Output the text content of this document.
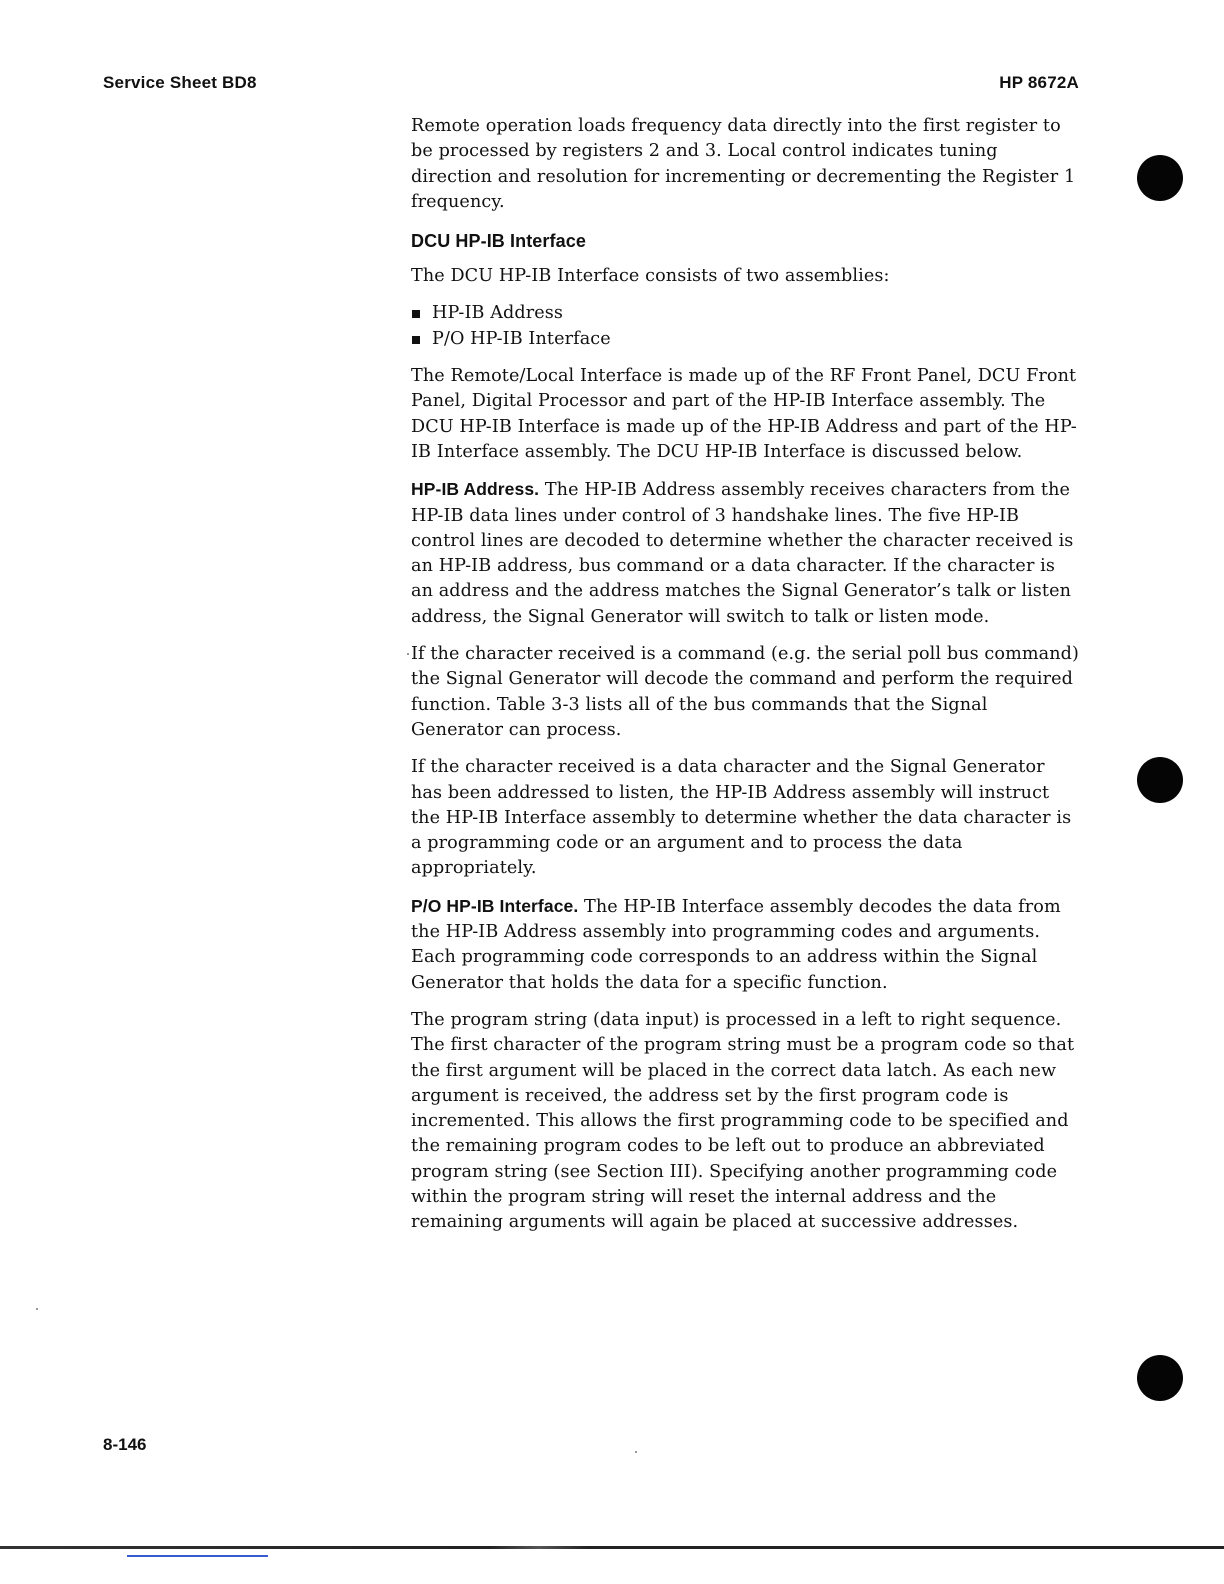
Service Sheet BD8	HP 8672A

Remote operation loads frequency data directly into the first register to be processed by registers 2 and 3. Local control indicates tuning direction and resolution for incrementing or decrementing the Register 1 frequency.

DCU HP-IB Interface

The DCU HP-IB Interface consists of two assemblies:

HP-IB Address
P/O HP-IB Interface

The Remote/Local Interface is made up of the RF Front Panel, DCU Front Panel, Digital Processor and part of the HP-IB Interface assembly. The DCU HP-IB Interface is made up of the HP-IB Address and part of the HP-IB Interface assembly. The DCU HP-IB Interface is discussed below.

HP-IB Address. The HP-IB Address assembly receives characters from the HP-IB data lines under control of 3 handshake lines. The five HP-IB control lines are decoded to determine whether the character received is an HP-IB address, bus command or a data character. If the character is an address and the address matches the Signal Generator’s talk or listen address, the Signal Generator will switch to talk or listen mode.

If the character received is a command (e.g. the serial poll bus command) the Signal Generator will decode the command and perform the required function. Table 3-3 lists all of the bus commands that the Signal Generator can process.

If the character received is a data character and the Signal Generator has been addressed to listen, the HP-IB Address assembly will instruct the HP-IB Interface assembly to determine whether the data character is a programming code or an argument and to process the data appropriately.

P/O HP-IB Interface. The HP-IB Interface assembly decodes the data from the HP-IB Address assembly into programming codes and arguments. Each programming code corresponds to an address within the Signal Generator that holds the data for a specific function.

The program string (data input) is processed in a left to right sequence. The first character of the program string must be a program code so that the first argument will be placed in the correct data latch. As each new argument is received, the address set by the first program code is incremented. This allows the first programming code to be specified and the remaining program codes to be left out to produce an abbreviated program string (see Section III). Specifying another programming code within the program string will reset the internal address and the remaining arguments will again be placed at successive addresses.

8-146
